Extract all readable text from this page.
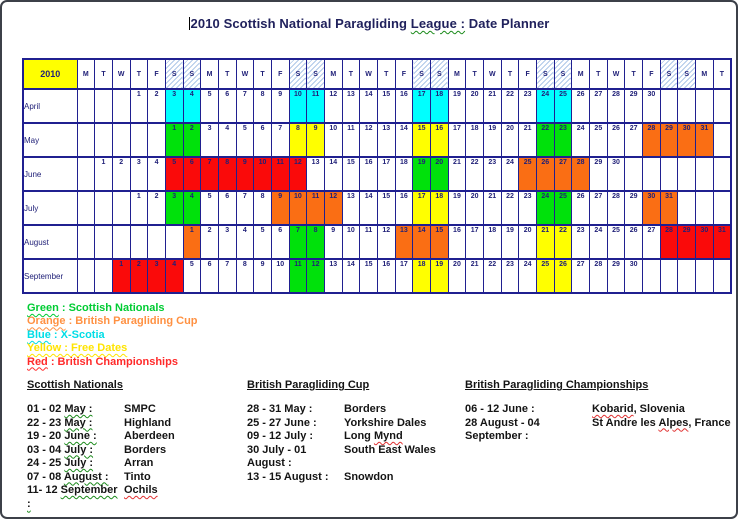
2010 Scottish National Paragliding League : Date Planner
2010	M	T	W	T	F	S	S	M	T	W	T	F	S	S	M	T	W	T	F	S	S	M	T	W	T	F	S	S	M	T	W	T	F	S	S	M	T
April				1	2	3	4	5	6	7	8	9	10	11	12	13	14	15	16	17	18	19	20	21	22	23	24	25	26	27	28	29	30				
May						1	2	3	4	5	6	7	8	9	10	11	12	13	14	15	16	17	18	19	20	21	22	23	24	25	26	27	28	29	30	31	
June		1	2	3	4	5	6	7	8	9	10	11	12	13	14	15	16	17	18	19	20	21	22	23	24	25	26	27	28	29	30						
July				1	2	3	4	5	6	7	8	9	10	11	12	13	14	15	16	17	18	19	20	21	22	23	24	25	26	27	28	29	30	31			
August							1	2	3	4	5	6	7	8	9	10	11	12	13	14	15	16	17	18	19	20	21	22	23	24	25	26	27	28	29	30	31
September			1	2	3	4	5	6	7	8	9	10	11	12	13	14	15	16	17	18	19	20	21	22	23	24	25	26	27	28	29	30					
Green : Scottish Nationals
Orange : British Paragliding Cup
Blue : X-Scotia
Yellow : Free Dates
Red : British Championships
Scottish Nationals
01 - 02 May :	SMPC
22 - 23 May :	Highland
19 - 20 June :	Aberdeen
03 - 04 July :	Borders
24 - 25 July :	Arran
07 - 08 August :	Tinto
11- 12 September :
Ochils
British Paragliding Cup
28 - 31 May :	Borders
25 - 27 June :	Yorkshire Dales
09 - 12 July :	Long Mynd
30 July - 01 August :
South East Wales
13 - 15 August :	Snowdon
British Paragliding Championships
06 - 12 June :	Kobarid, Slovenia
28 August - 04 September :
St Andre les Alpes, France
